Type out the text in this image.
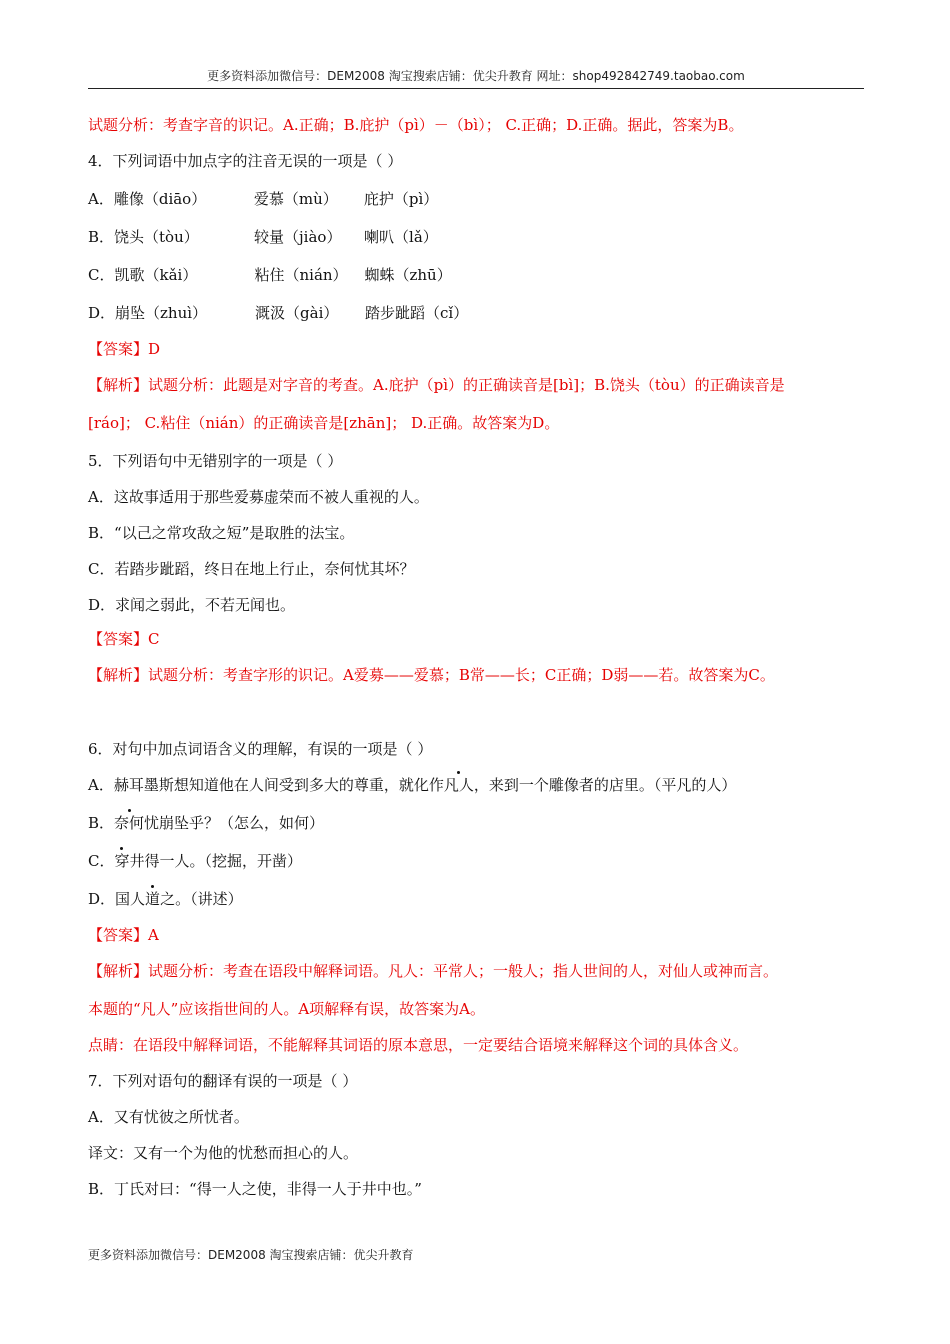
更多资料添加微信号：DEM2008 淘宝搜索店铺：优尖升教育 网址：shop492842749.taobao.com
试题分析：考查字音的识记。A.正确；B.庇护（pì）－（bì）； C.正确；D.正确。据此，答案为B。
4．下列词语中加点字的注音无误的一项是（ ）
A．雕像（diāo）	爱慕（mù） 庇护（pì）
B．饶头（tòu）	较量（jiào） 喇叭（lǎ）
C．凯歌（kǎi）	粘住（nián） 蜘蛛（zhū）
D．崩坠（zhuì）	溉汲（gài） 踏步跐蹈（cǐ）
【答案】D
【解析】试题分析：此题是对字音的考查。A.庇护（pì）的正确读音是[bì]；B.饶头（tòu）的正确读音是
[ráo]； C.粘住（nián）的正确读音是[zhān]； D.正确。故答案为D。
5．下列语句中无错别字的一项是（ ）
A．这故事适用于那些爱募虚荣而不被人重视的人。
B．“以己之常攻敌之短”是取胜的法宝。
C．若踏步跐蹈，终日在地上行止，奈何忧其坏？
D．求闻之弱此，不若无闻也。
【答案】C
【解析】试题分析：考查字形的识记。A爱募——爱慕；B常——长；C正确；D弱——若。故答案为C。
6．对句中加点词语含义的理解，有误的一项是（ ）
A．赫耳墨斯想知道他在人间受到多大的尊重，就化作凡人，来到一个雕像者的店里。（平凡的人）
B．奈何忧崩坠乎？（怎么，如何）
C．穿井得一人。（挖掘，开凿）
D．国人道之。（讲述）
【答案】A
【解析】试题分析：考查在语段中解释词语。凡人：平常人；一般人；指人世间的人，对仙人或神而言。
本题的“凡人”应该指世间的人。A项解释有误，故答案为A。
点睛：在语段中解释词语，不能解释其词语的原本意思，一定要结合语境来解释这个词的具体含义。
7．下列对语句的翻译有误的一项是（ ）
A．又有忧彼之所忧者。
译文：又有一个为他的忧愁而担心的人。
B．丁氏对曰：“得一人之使，非得一人于井中也。”
更多资料添加微信号：DEM2008 淘宝搜索店铺：优尖升教育
